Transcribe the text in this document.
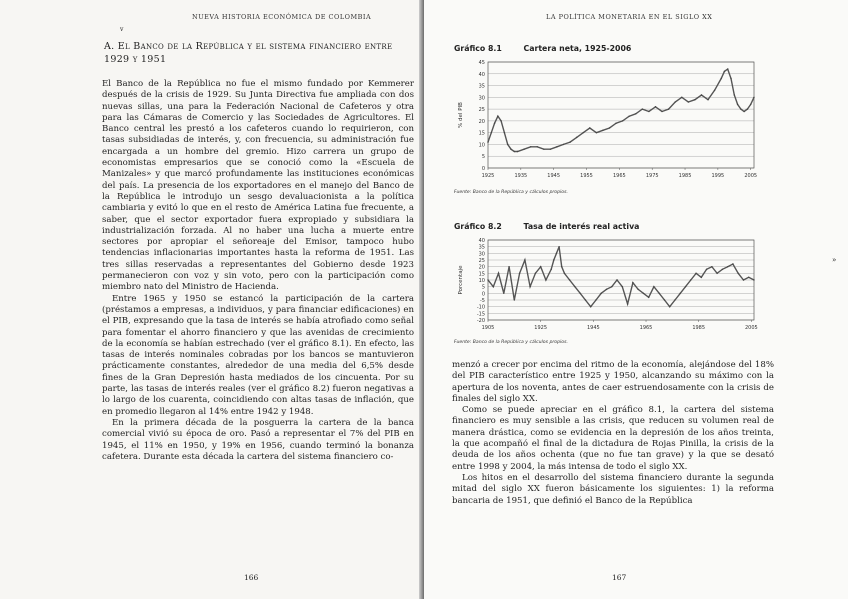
NUEVA HISTORIA ECONÓMICA DE COLOMBIA
v
A. El Banco de la República y el sistema financiero entre 1929 y 1951

El Banco de la República no fue el mismo fundado por Kemmerer después de la crisis de 1929. Su Junta Directiva fue ampliada con dos nuevas sillas, una para la Federación Nacional de Cafeteros y otra para las Cámaras de Comercio y las Sociedades de Agricultores. El Banco central les prestó a los cafeteros cuando lo requirieron, con tasas subsidiadas de interés, y, con frecuencia, su administración fue encargada a un hombre del gremio. Hizo carrera un grupo de economistas empresarios que se conoció como la «Escuela de Manizales» y que marcó profundamente las instituciones económicas del país. La presencia de los exportadores en el manejo del Banco de la República le introdujo un sesgo devaluacionista a la política cambiaria y evitó lo que en el resto de América Latina fue frecuente, a saber, que el sector exportador fuera expropiado y subsidiara la industrialización forzada. Al no haber una lucha a muerte entre sectores por apropiar el señoreaje del Emisor, tampoco hubo tendencias inflacionarias importantes hasta la reforma de 1951. Las tres sillas reservadas a representantes del Gobierno desde 1923 permanecieron con voz y sin voto, pero con la participación como miembro nato del Ministro de Hacienda.

Entre 1965 y 1950 se estancó la participación de la cartera (préstamos a empresas, a individuos, y para financiar edificaciones) en el PIB, expresando que la tasa de interés se había atrofiado como señal para fomentar el ahorro financiero y que las avenidas de crecimiento de la economía se habían estrechado (ver el gráfico 8.1). En efecto, las tasas de interés nominales cobradas por los bancos se mantuvieron prácticamente constantes, alrededor de una media del 6,5% desde fines de la Gran Depresión hasta mediados de los cincuenta. Por su parte, las tasas de interés reales (ver el gráfico 8.2) fueron negativas a lo largo de los cuarenta, coincidiendo con altas tasas de inflación, que en promedio llegaron al 14% entre 1942 y 1948.

En la primera década de la posguerra la cartera de la banca comercial vivió su época de oro. Pasó a representar el 7% del PIB en 1945, el 11% en 1950, y 19% en 1956, cuando terminó la bonanza cafetera. Durante esta década la cartera del sistema financiero co-

166
LA POLÍTICA MONETARIA EN EL SIGLO XX
Gráfico 8.1        Cartera neta, 1925-2006
0
5
10
15
20
25
30
35
40
45
1925	1935	1945	1955	1965	1975	1985	1995	2005
% del PIB
Fuente: Banco de la República y cálculos propios.
Gráfico 8.2        Tasa de interés real activa
-20
-15
-10
-5
0
5
10
15
20
25
30
35
40
1905	1925	1945	1965	1985	2005
Porcentaje
Fuente: Banco de la República y cálculos propios.
»

menzó a crecer por encima del ritmo de la economía, alejándose del 18% del PIB característico entre 1925 y 1950, alcanzando su máximo con la apertura de los noventa, antes de caer estruendosamente con la crisis de finales del siglo XX.

Como se puede apreciar en el gráfico 8.1, la cartera del sistema financiero es muy sensible a las crisis, que reducen su volumen real de manera drástica, como se evidencia en la depresión de los años treinta, la que acompañó el final de la dictadura de Rojas Pinilla, la crisis de la deuda de los años ochenta (que no fue tan grave) y la que se desató entre 1998 y 2004, la más intensa de todo el siglo XX.

Los hitos en el desarrollo del sistema financiero durante la segunda mitad del siglo XX fueron básicamente los siguientes: 1) la reforma bancaria de 1951, que definió el Banco de la República

167
